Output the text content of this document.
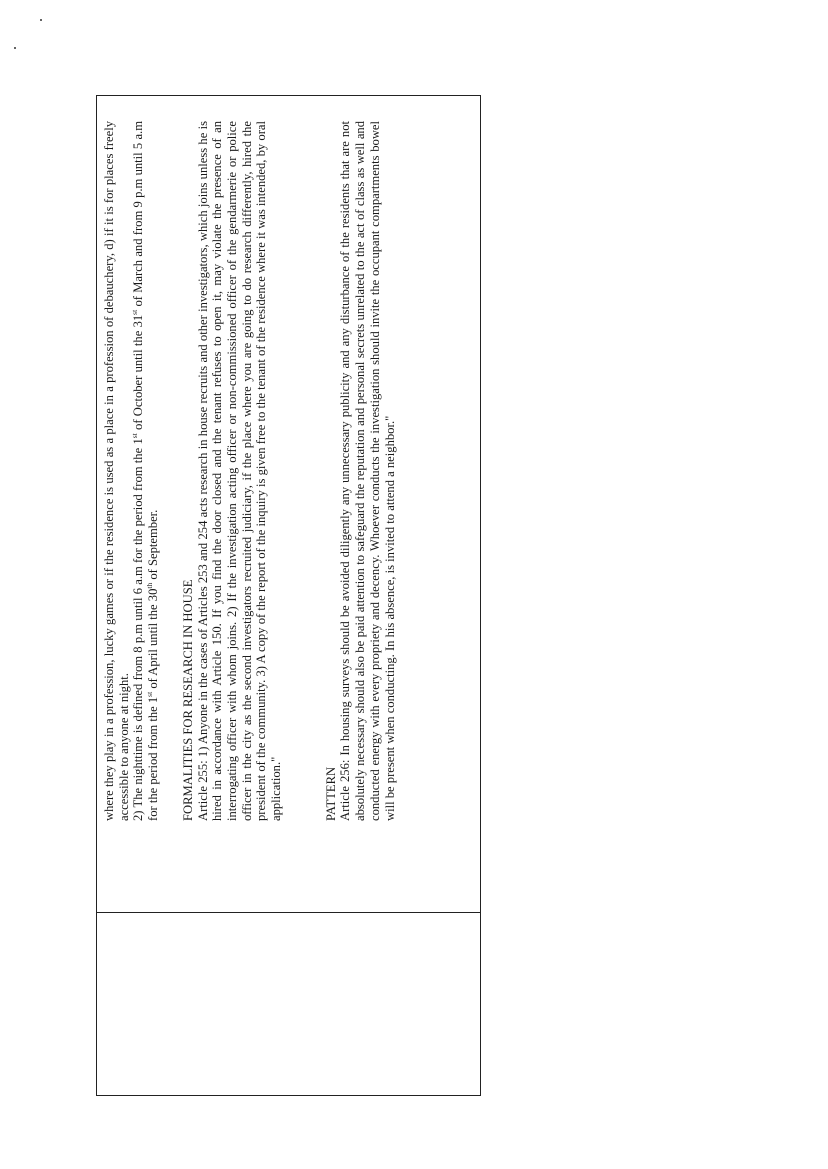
where they play in a profession, lucky games or if the residence is used as a place in a profession of debauchery, d) if it is for places freely accessible to anyone at night. 2) The nighttime is defined from 8 p.m until 6 a.m for the period from the 1st of October until the 31st of March and from 9 p.m until 5 a.m for the period from the 1st of April until the 30th of September.

FORMALITIES FOR RESEARCH IN HOUSE Article 255: 1) Anyone in the cases of Articles 253 and 254 acts research in house recruits and other investigators, which joins unless he is hired in accordance with Article 150. If you find the door closed and the tenant refuses to open it, may violate the presence of an interrogating officer with whom joins. 2) If the investigation acting officer or non-commissioned officer of the gendarmerie or police officer in the city as the second investigators recruited judiciary, if the place where you are going to do research differently, hired the president of the community. 3) A copy of the report of the inquiry is given free to the tenant of the residence where it was intended, by oral application."	PATTERN Article 256: In housing surveys should be avoided diligently any unnecessary publicity and any disturbance of the residents that are not absolutely necessary should also be paid attention to safeguard the reputation and personal secrets unrelated to the act of class as well and conducted energy with every propriety and decency. Whoever conducts the investigation should invite the occupant compartments bowel will be present when conducting. In his absence, is invited to attend a neighbor."
